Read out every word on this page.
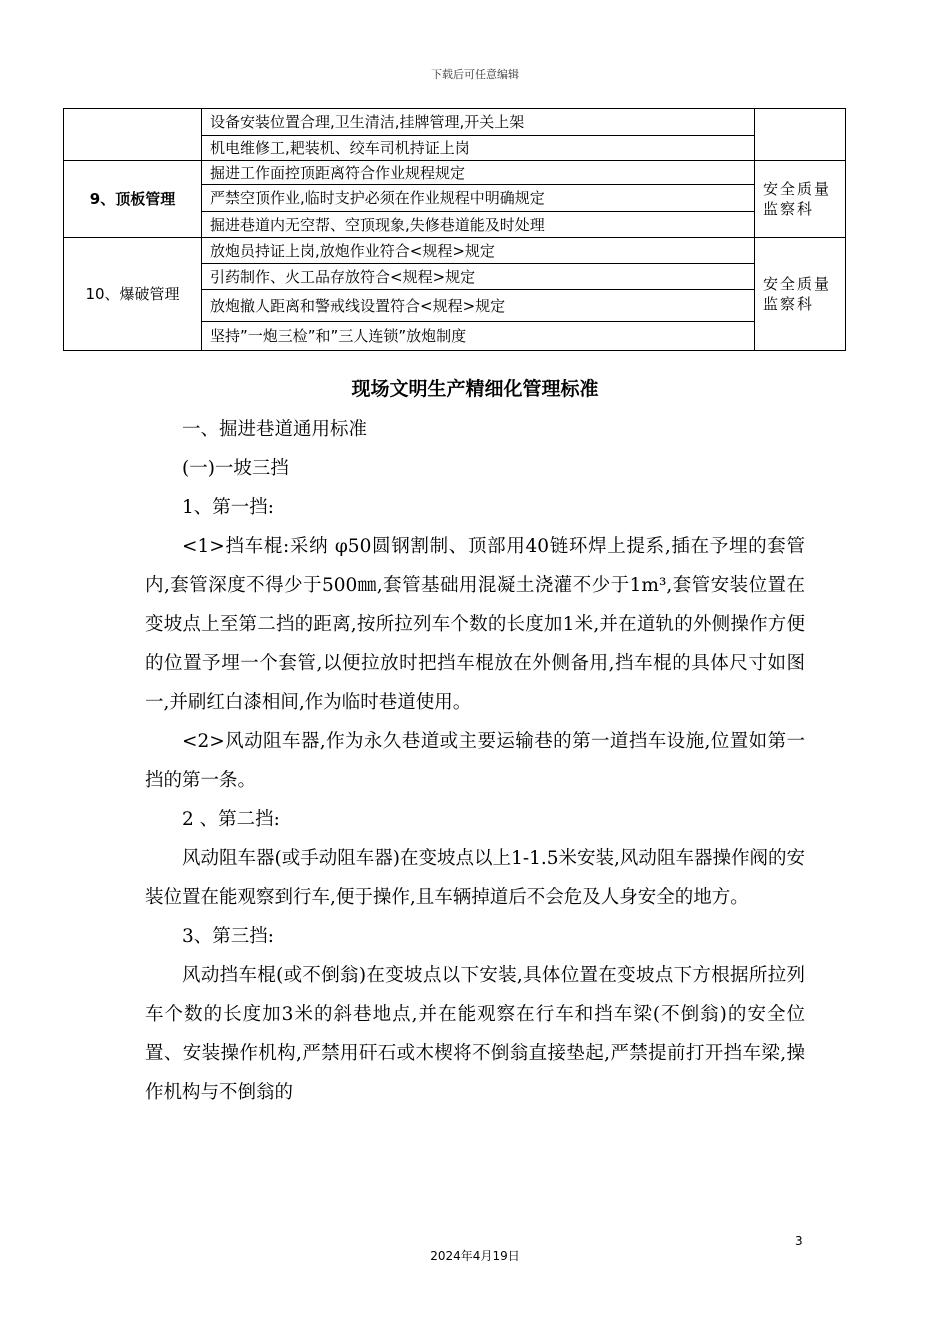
下载后可任意编辑
	设备安装位置合理,卫生清洁,挂牌管理,开关上架	
	机电维修工,耙装机、绞车司机持证上岗	
9、顶板管理	掘进工作面控顶距离符合作业规程规定	安全质量监察科
	严禁空顶作业,临时支护必须在作业规程中明确规定	
	掘进巷道内无空帮、空顶现象,失修巷道能及时处理	
10、爆破管理	放炮员持证上岗,放炮作业符合<规程>规定	安全质量监察科
	引药制作、火工品存放符合<规程>规定	
	放炮撤人距离和警戒线设置符合<规程>规定	
	坚持”一炮三检”和”三人连锁”放炮制度	
现场文明生产精细化管理标准

一、掘进巷道通用标准

(一)一坡三挡

1、第一挡:

<1>挡车棍:采纳 φ50圆钢割制、顶部用40链环焊上提系,插在予埋的套管内,套管深度不得少于500㎜,套管基础用混凝土浇灌不少于1m³,套管安装位置在变坡点上至第二挡的距离,按所拉列车个数的长度加1米,并在道轨的外侧操作方便的位置予埋一个套管,以便拉放时把挡车棍放在外侧备用,挡车棍的具体尺寸如图一,并刷红白漆相间,作为临时巷道使用。

<2>风动阻车器,作为永久巷道或主要运输巷的第一道挡车设施,位置如第一挡的第一条。

2 、第二挡:

风动阻车器(或手动阻车器)在变坡点以上1-1.5米安装,风动阻车器操作阀的安装位置在能观察到行车,便于操作,且车辆掉道后不会危及人身安全的地方。

3、第三挡:

风动挡车棍(或不倒翁)在变坡点以下安装,具体位置在变坡点下方根据所拉列车个数的长度加3米的斜巷地点,并在能观察在行车和挡车梁(不倒翁)的安全位置、安装操作机构,严禁用矸石或木楔将不倒翁直接垫起,严禁提前打开挡车梁,操作机构与不倒翁的

3
2024年4月19日
